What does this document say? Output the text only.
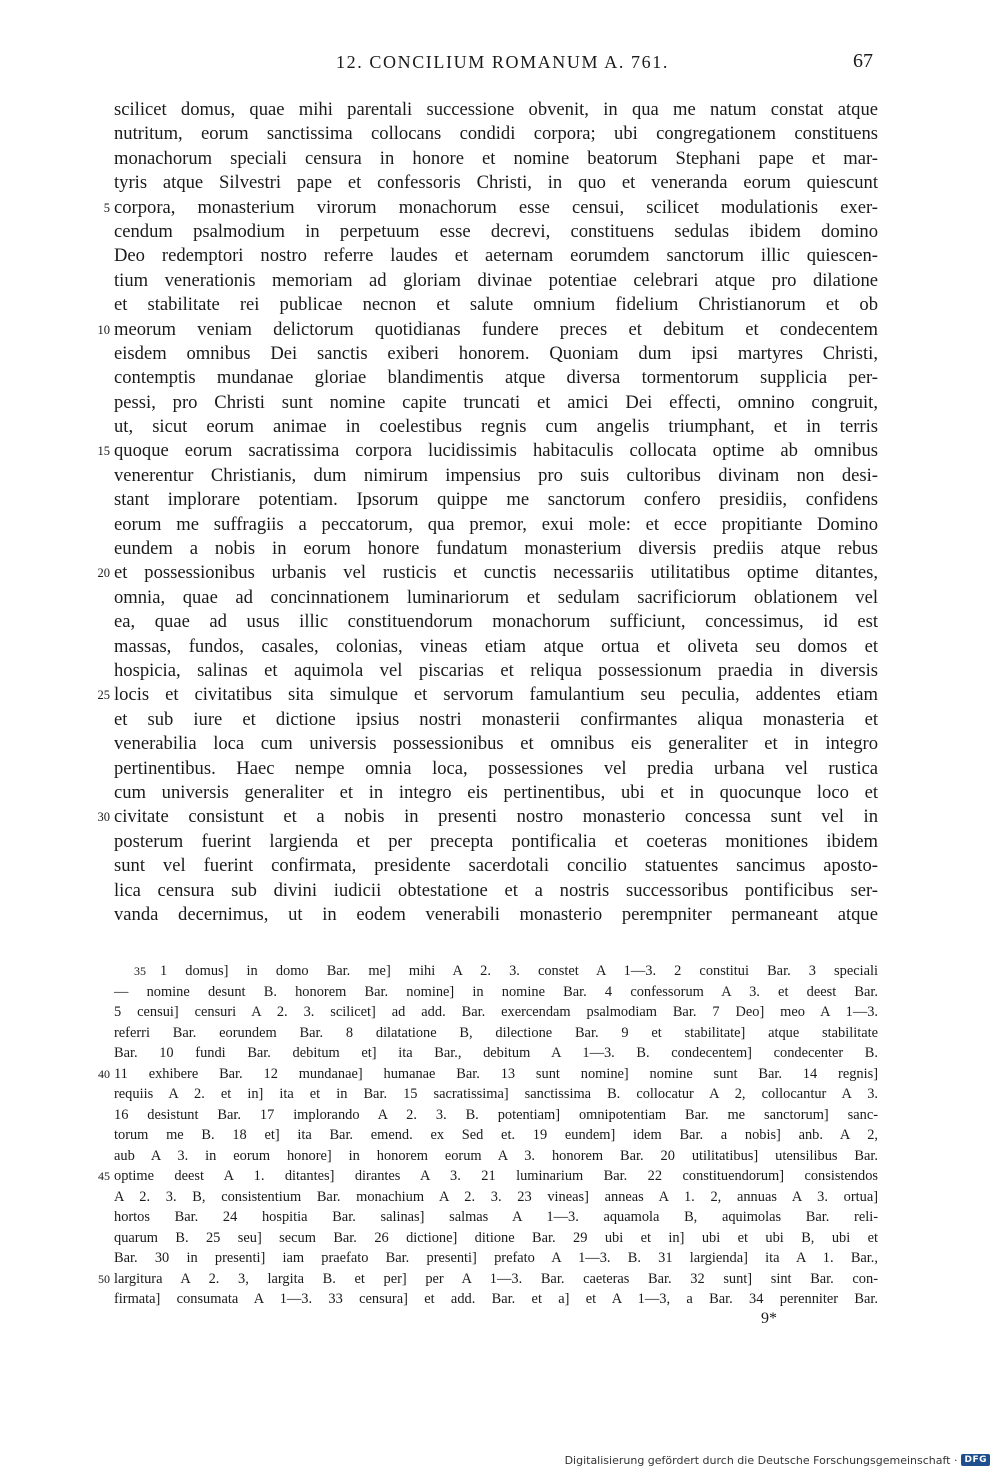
12. CONCILIUM ROMANUM A. 761.	67
scilicet domus, quae mihi parentali successione obvenit, in qua me natum constat atque
nutritum, eorum sanctissima collocans condidi corpora; ubi congregationem constituens
monachorum speciali censura in honore et nomine beatorum Stephani pape et mar-
tyris atque Silvestri pape et confessoris Christi, in quo et veneranda eorum quiescunt
5 corpora, monasterium virorum monachorum esse censui, scilicet modulationis exer-
cendum psalmodium in perpetuum esse decrevi, constituens sedulas ibidem domino
Deo redemptori nostro referre laudes et aeternam eorumdem sanctorum illic quiescen-
tium venerationis memoriam ad gloriam divinae potentiae celebrari atque pro dilatione
et stabilitate rei publicae necnon et salute omnium fidelium Christianorum et ob
10 meorum veniam delictorum quotidianas fundere preces et debitum et condecentem
eisdem omnibus Dei sanctis exiberi honorem. Quoniam dum ipsi martyres Christi,
contemptis mundanae gloriae blandimentis atque diversa tormentorum supplicia per-
pessi, pro Christi sunt nomine capite truncati et amici Dei effecti, omnino congruit,
ut, sicut eorum animae in coelestibus regnis cum angelis triumphant, et in terris
15 quoque eorum sacratissima corpora lucidissimis habitaculis collocata optime ab omnibus
venerentur Christianis, dum nimirum impensius pro suis cultoribus divinam non desi-
stant implorare potentiam. Ipsorum quippe me sanctorum confero presidiis, confidens
eorum me suffragiis a peccatorum, qua premor, exui mole: et ecce propitiante Domino
eundem a nobis in eorum honore fundatum monasterium diversis prediis atque rebus
20 et possessionibus urbanis vel rusticis et cunctis necessariis utilitatibus optime ditantes,
omnia, quae ad concinnationem luminariorum et sedulam sacrificiorum oblationem vel
ea, quae ad usus illic constituendorum monachorum sufficiunt, concessimus, id est
massas, fundos, casales, colonias, vineas etiam atque ortua et oliveta seu domos et
hospicia, salinas et aquimola vel piscarias et reliqua possessionum praedia in diversis
25 locis et civitatibus sita simulque et servorum famulantium seu peculia, addentes etiam
et sub iure et dictione ipsius nostri monasterii confirmantes aliqua monasteria et
venerabilia loca cum universis possessionibus et omnibus eis generaliter et in integro
pertinentibus. Haec nempe omnia loca, possessiones vel predia urbana vel rustica
cum universis generaliter et in integro eis pertinentibus, ubi et in quocunque loco et
30 civitate consistunt et a nobis in presenti nostro monasterio concessa sunt vel in
posterum fuerint largienda et per precepta pontificalia et coeteras monitiones ibidem
sunt vel fuerint confirmata, presidente sacerdotali concilio statuentes sancimus aposto-
lica censura sub divini iudicii obtestatione et a nostris successoribus pontificibus ser-
vanda decernimus, ut in eodem venerabili monasterio perempniter permaneant atque
35 1 domus] in domo Bar. me] mihi A 2. 3. constet A 1—3. 2 constitui Bar. 3 speciali
— nomine desunt B. honorem Bar. nomine] in nomine Bar. 4 confessorum A 3. et deest Bar.
5 censui] censuri A 2. 3. scilicet] ad add. Bar. exercendam psalmodiam Bar. 7 Deo] meo A 1—3.
referri Bar. eorundem Bar. 8 dilatatione B, dilectione Bar. 9 et stabilitate] atque stabilitate
Bar. 10 fundi Bar. debitum et] ita Bar., debitum A 1—3. B. condecentem] condecenter B.
40 11 exhibere Bar. 12 mundanae] humanae Bar. 13 sunt nomine] nomine sunt Bar. 14 regnis]
requiis A 2. et in] ita et in Bar. 15 sacratissima] sanctissima B. collocatur A 2, collocantur A 3.
16 desistunt Bar. 17 implorando A 2. 3. B. potentiam] omnipotentiam Bar. me sanctorum] sanc-
torum me B. 18 et] ita Bar. emend. ex Sed et. 19 eundem] idem Bar. a nobis] anb. A 2,
aub A 3. in eorum honore] in honorem eorum A 3. honorem Bar. 20 utilitatibus] utensilibus Bar.
45 optime deest A 1. ditantes] dirantes A 3. 21 luminarium Bar. 22 constituendorum] consistendos
A 2. 3. B, consistentium Bar. monachium A 2. 3. 23 vineas] anneas A 1. 2, annuas A 3. ortua]
hortos Bar. 24 hospitia Bar. salinas] salmas A 1—3. aquamola B, aquimolas Bar. reli-
quarum B. 25 seu] secum Bar. 26 dictione] ditione Bar. 29 ubi et in] ubi et ubi B, ubi et
Bar. 30 in presenti] iam praefato Bar. presenti] prefato A 1—3. B. 31 largienda] ita A 1. Bar.,
50 largitura A 2. 3, largita B. et per] per A 1—3. Bar. caeteras Bar. 32 sunt] sint Bar. con-
firmata] consumata A 1—3. 33 censura] et add. Bar. et a] et A 1—3, a Bar. 34 perenniter Bar.
9*
Digitalisierung gefördert durch die Deutsche Forschungsgemeinschaft · DFG
